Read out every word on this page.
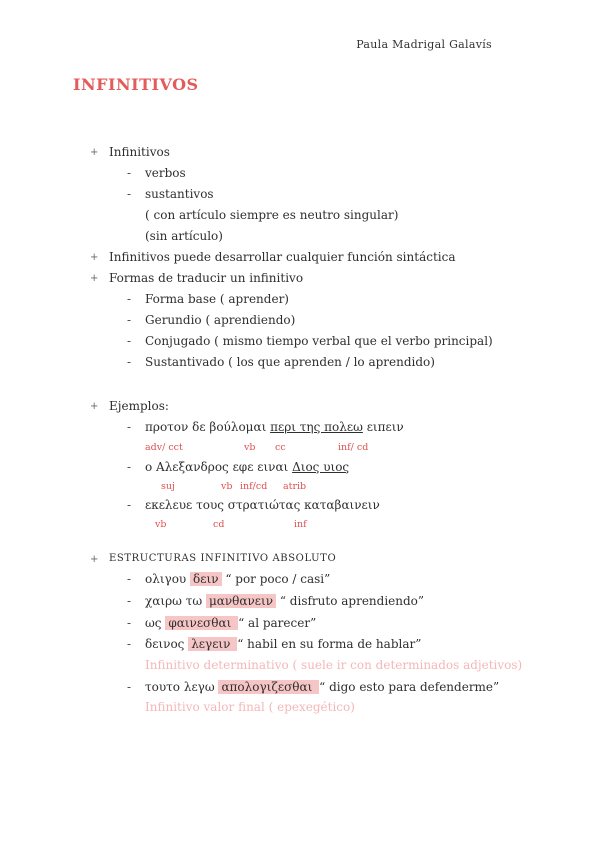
Paula Madrigal Galavís
INFINITIVOS
+ Infinitivos
- verbos
- sustantivos
( con artículo siempre es neutro singular)
(sin artículo)
+ Infinitivos puede desarrollar cualquier función sintáctica
+ Formas de traducir un infinitivo
- Forma base ( aprender)
- Gerundio ( aprendiendo)
- Conjugado ( mismo tiempo verbal que el verbo principal)
- Sustantivado ( los que aprenden / lo aprendido)
+ Ejemplos:
- προτον δε βούλομαι περι της πολεω ειπειν
adv/ cct	vb cc	inf/ cd
- ο Αλεξανδρος εφε ειναι Διος υιος
suj	vb inf/cd atrib
- εκελευε τους στρατιώτας καταβαινειν
vb	cd	inf
+ ESTRUCTURAS INFINITIVO ABSOLUTO
- ολιγου δειν “ por poco / casi”
- χαιρω τω μανθανειν “ disfruto aprendiendo”
- ως φαινεσθαι “ al parecer”
- δεινος λεγειν “ habil en su forma de hablar”
Infinitivo determinativo ( suele ir con determinados adjetivos)
- τουτο λεγω απολογιζεσθαι “ digo esto para defenderme”
Infinitivo valor final ( epexegético)
